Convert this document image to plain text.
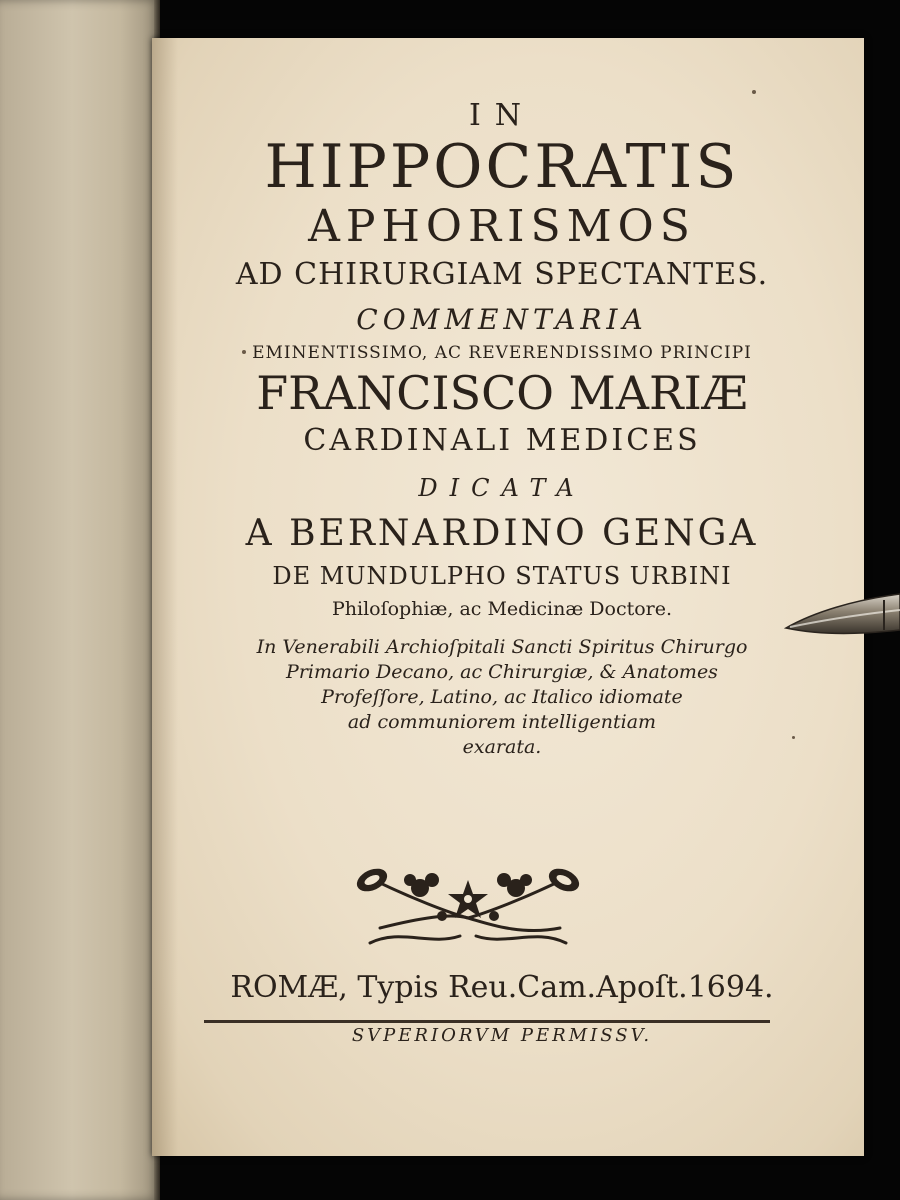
IN
HIPPOCRATIS
APHORISMOS
AD CHIRURGIAM SPECTANTES.
COMMENTARIA
EMINENTISSIMO, AC REVERENDISSIMO PRINCIPI
FRANCISCO MARIÆ
CARDINALI MEDICES
DICATA
A BERNARDINO GENGA
DE MUNDULPHO STATUS URBINI
Philoſophiæ, ac Medicinæ Doctore.
In Venerabili Archioſpitali Sancti Spiritus Chirurgo
Primario Decano, ac Chirurgiæ, & Anatomes
Profeſſore, Latino, ac Italico idiomate
ad communiorem intelligentiam
exarata.
ROMÆ, Typis Reu.Cam.Apoſt.1694.
SVPERIORVM PERMISSV.
